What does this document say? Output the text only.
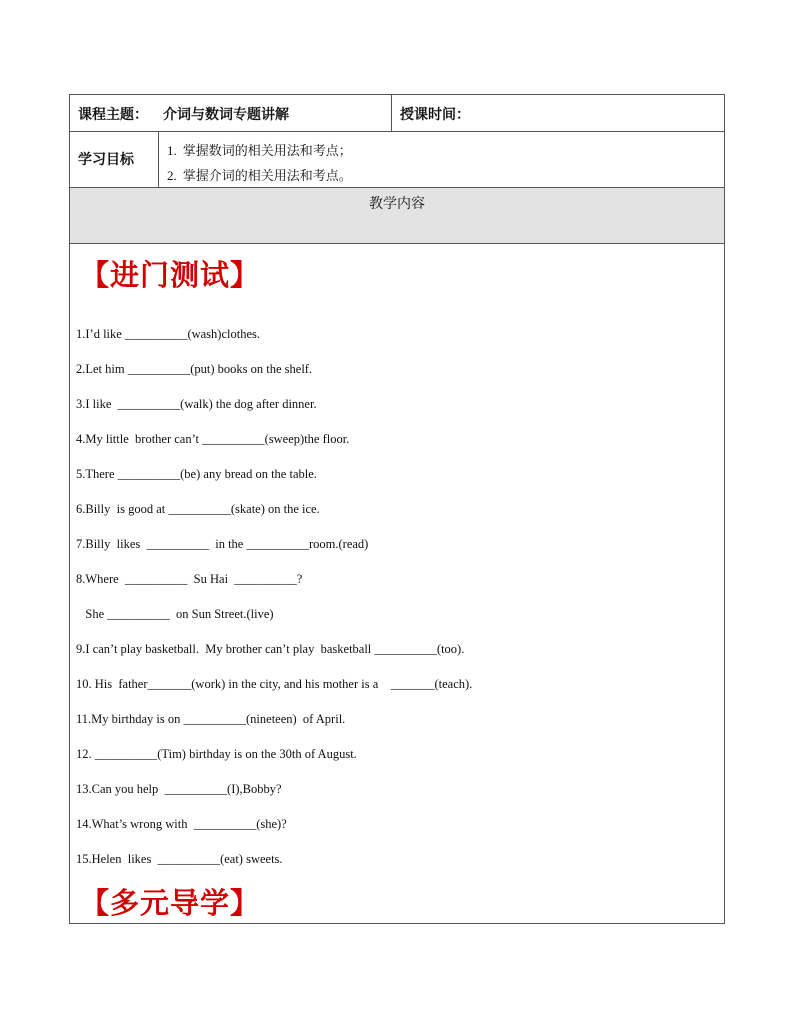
课程主题： 介词与数词专题讲解	授课时间：
学习目标
1. 掌握数词的相关用法和考点；
2. 掌握介词的相关用法和考点。
教学内容
【进门测试】
1.I’d like __________(wash)clothes.
2.Let him __________(put) books on the shelf.
3.I like  __________(walk) the dog after dinner.
4.My little  brother can’t __________(sweep)the floor.
5.There __________(be) any bread on the table.
6.Billy  is good at __________(skate) on the ice.
7.Billy  likes  __________  in the __________room.(read)
8.Where  __________  Su Hai  __________?
She __________  on Sun Street.(live)
9.I can’t play basketball.  My brother can’t play  basketball __________(too).
10. His  father_______(work) in the city, and his mother is a    _______(teach).
11.My birthday is on __________(nineteen)  of April.
12. __________(Tim) birthday is on the 30th of August.
13.Can you help  __________(I),Bobby?
14.What’s wrong with  __________(she)?
15.Helen  likes  __________(eat) sweets.
【多元导学】
